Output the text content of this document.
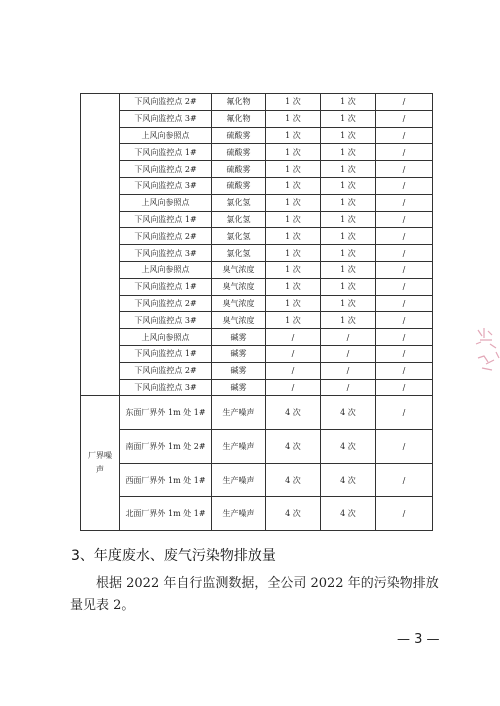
	下风向监控点 2#	氟化物	1 次	1 次	/
	下风向监控点 3#	氟化物	1 次	1 次	/
	上风向参照点	硫酸雾	1 次	1 次	/
	下风向监控点 1#	硫酸雾	1 次	1 次	/
	下风向监控点 2#	硫酸雾	1 次	1 次	/
	下风向监控点 3#	硫酸雾	1 次	1 次	/
	上风向参照点	氯化氢	1 次	1 次	/
	下风向监控点 1#	氯化氢	1 次	1 次	/
	下风向监控点 2#	氯化氢	1 次	1 次	/
	下风向监控点 3#	氯化氢	1 次	1 次	/
	上风向参照点	臭气浓度	1 次	1 次	/
	下风向监控点 1#	臭气浓度	1 次	1 次	/
	下风向监控点 2#	臭气浓度	1 次	1 次	/
	下风向监控点 3#	臭气浓度	1 次	1 次	/
	上风向参照点	碱雾	/	/	/
	下风向监控点 1#	碱雾	/	/	/
	下风向监控点 2#	碱雾	/	/	/
	下风向监控点 3#	碱雾	/	/	/
厂界噪声	东面厂界外 1m 处 1#	生产噪声	4 次	4 次	/
	南面厂界外 1m 处 2#	生产噪声	4 次	4 次	/
	西面厂界外 1m 处 1#	生产噪声	4 次	4 次	/
	北面厂界外 1m 处 1#	生产噪声	4 次	4 次	/
3、年度废水、废气污染物排放量
根据 2022 年自行监测数据，全公司 2022 年的污染物排放量见表 2。
— 3 —
